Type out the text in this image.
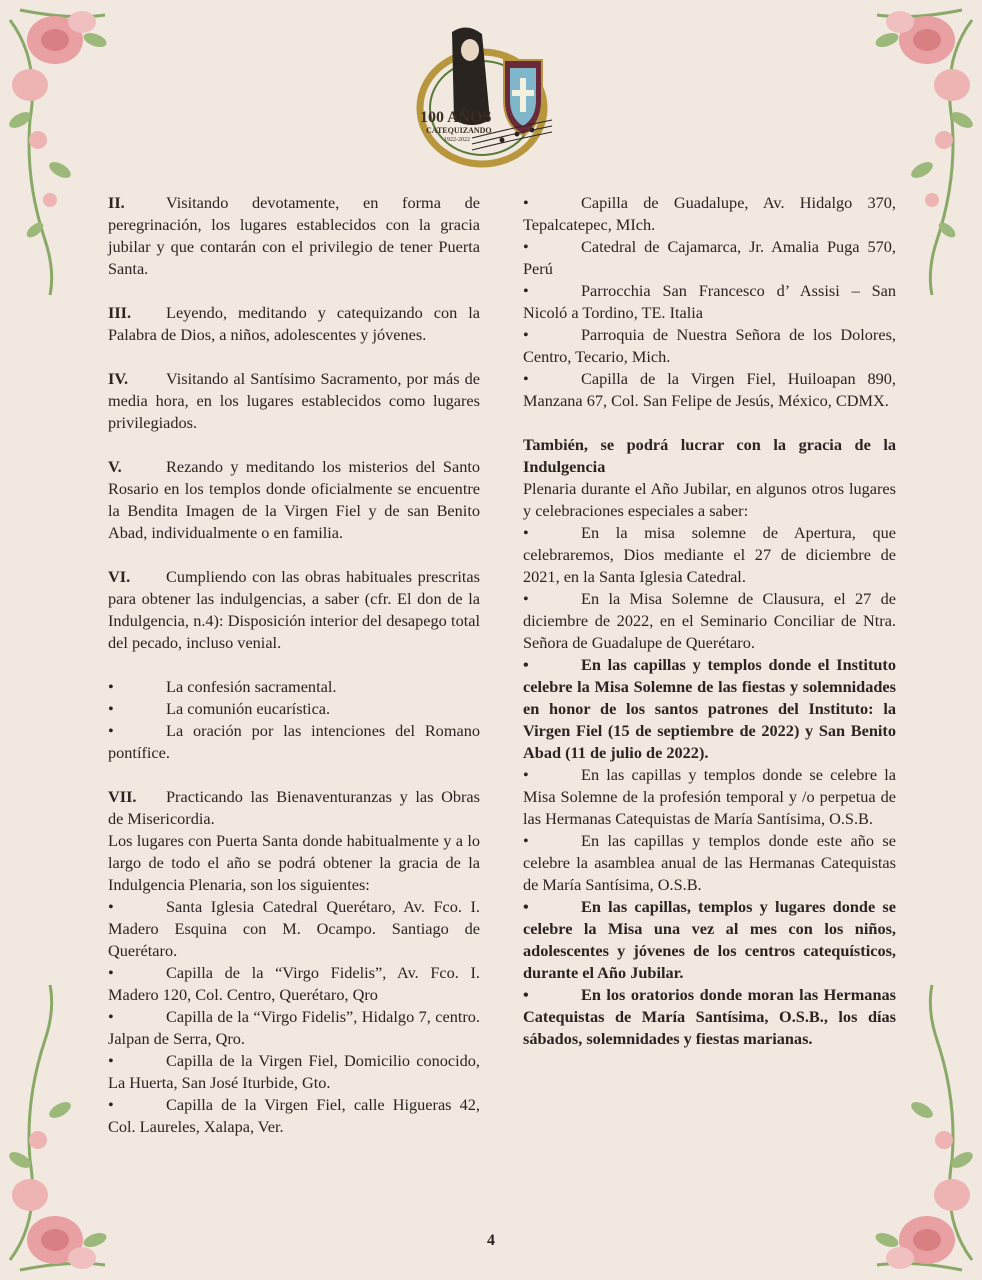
100 AÑOS
CATEQUIZANDO
1922-2022

II.	Visitando devotamente, en forma de peregrinación, los lugares establecidos con la gracia jubilar y que contarán con el privilegio de tener Puerta Santa.

III. Leyendo, meditando y catequizando con la Palabra de Dios, a niños, adolescentes y jóvenes.

IV. Visitando al Santísimo Sacramento, por más de media hora, en los lugares establecidos como lugares privilegiados.

V.	Rezando y meditando los misterios del Santo Rosario en los templos donde oficialmente se encuentre la Bendita Imagen de la Virgen Fiel y de san Benito Abad, individualmente o en familia.

VI. Cumpliendo con las obras habituales prescritas para obtener las indulgencias, a saber (cfr. El don de la Indulgencia, n.4): Disposición interior del desapego total del pecado, incluso venial.

•	La confesión sacramental.

•	La comunión eucarística.

•	La oración por las intenciones del Romano pontífice.

VII. Practicando las Bienaventuranzas y las Obras de Misericordia.

Los lugares con Puerta Santa donde habitualmente y a lo largo de todo el año se podrá obtener la gracia de la Indulgencia Plenaria, son los siguientes:

•	Santa Iglesia Catedral Querétaro, Av. Fco. I. Madero Esquina con M. Ocampo. Santiago de Querétaro.

•	Capilla de la “Virgo Fidelis”, Av. Fco. I. Madero 120, Col. Centro, Querétaro, Qro

•	Capilla de la “Virgo Fidelis”, Hidalgo 7, centro. Jalpan de Serra, Qro.

•	Capilla de la Virgen Fiel, Domicilio conocido, La Huerta, San José Iturbide, Gto.

•	Capilla de la Virgen Fiel, calle Higueras 42, Col. Laureles, Xalapa, Ver.

•	Capilla de Guadalupe, Av. Hidalgo 370, Tepalcatepec, MIch.

•	Catedral de Cajamarca, Jr. Amalia Puga 570, Perú

•	Parrocchia San Francesco d’ Assisi – San Nicoló a Tordino, TE. Italia

•	Parroquia de Nuestra Señora de los Dolores, Centro, Tecario, Mich.

•	Capilla de la Virgen Fiel, Huiloapan 890, Manzana 67, Col. San Felipe de Jesús, México, CDMX.

También, se podrá lucrar con la gracia de la Indulgencia

Plenaria durante el Año Jubilar, en algunos otros lugares y celebraciones especiales a saber:

•	En la misa solemne de Apertura, que celebraremos, Dios mediante el 27 de diciembre de 2021, en la Santa Iglesia Catedral.

•	En la Misa Solemne de Clausura, el 27 de diciembre de 2022, en el Seminario Conciliar de Ntra. Señora de Guadalupe de Querétaro.

•	En las capillas y templos donde el Instituto celebre la Misa Solemne de las fiestas y solemnidades en honor de los santos patrones del Instituto: la Virgen Fiel (15 de septiembre de 2022) y San Benito Abad (11 de julio de 2022).

•	En las capillas y templos donde se celebre la Misa Solemne de la profesión temporal y /o perpetua de las Hermanas Catequistas de María Santísima, O.S.B.

•	En las capillas y templos donde este año se celebre la asamblea anual de las Hermanas Catequistas de María Santísima, O.S.B.

•	En las capillas, templos y lugares donde se celebre la Misa una vez al mes con los niños, adolescentes y jóvenes de los centros catequísticos, durante el Año Jubilar.

•	En los oratorios donde moran las Hermanas Catequistas de María Santísima, O.S.B., los días sábados, solemnidades y fiestas marianas.

4
